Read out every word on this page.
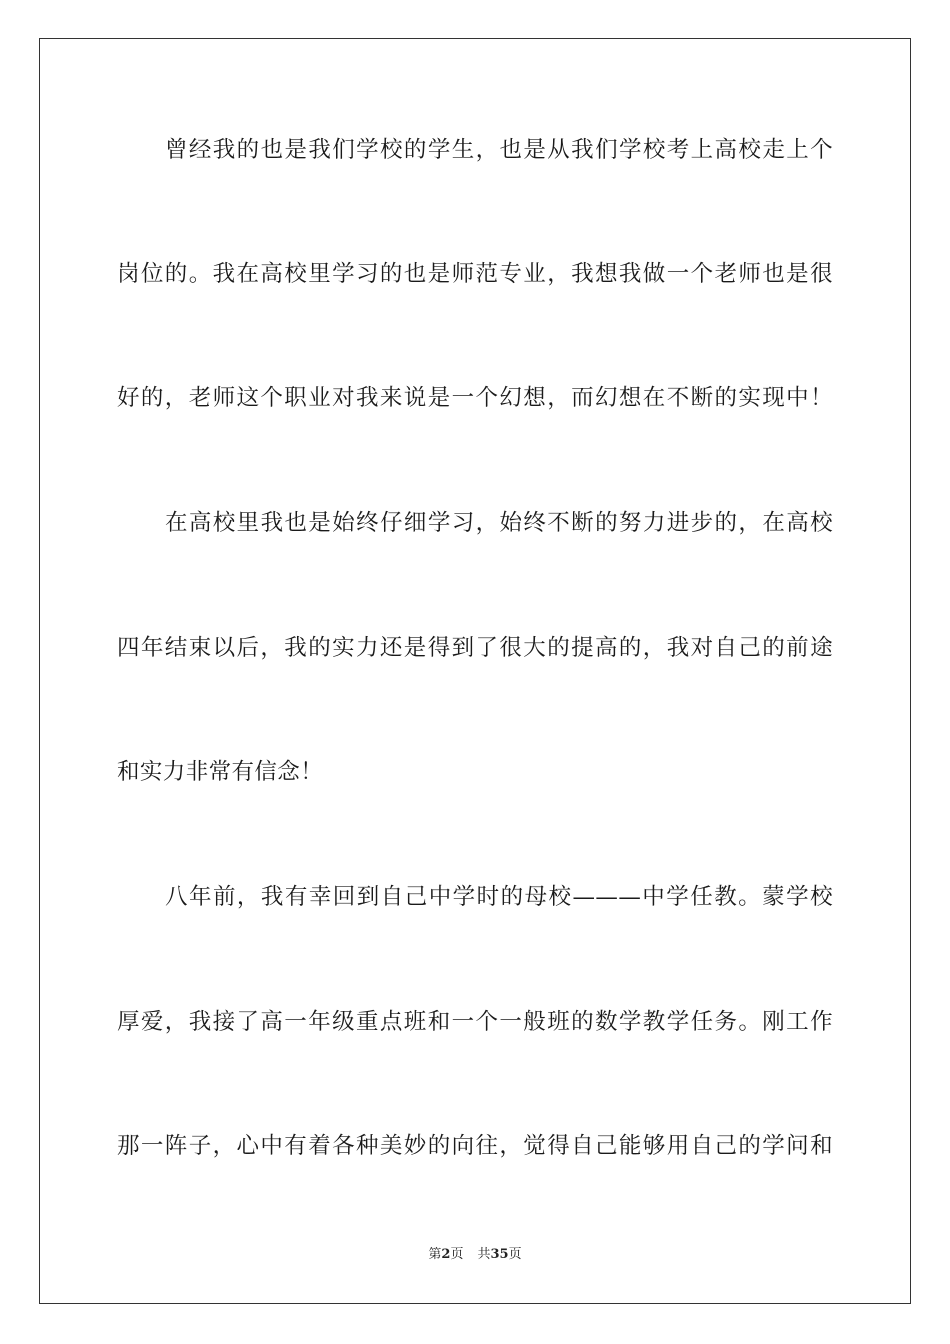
曾经我的也是我们学校的学生，也是从我们学校考上高校走上个
岗位的。我在高校里学习的也是师范专业，我想我做一个老师也是很
好的，老师这个职业对我来说是一个幻想，而幻想在不断的实现中！
在高校里我也是始终仔细学习，始终不断的努力进步的，在高校
四年结束以后，我的实力还是得到了很大的提高的，我对自己的前途
和实力非常有信念！
八年前，我有幸回到自己中学时的母校———中学任教。蒙学校
厚爱，我接了高一年级重点班和一个一般班的数学教学任务。刚工作
那一阵子，心中有着各种美妙的向往，觉得自己能够用自己的学问和
第2页 共35页
